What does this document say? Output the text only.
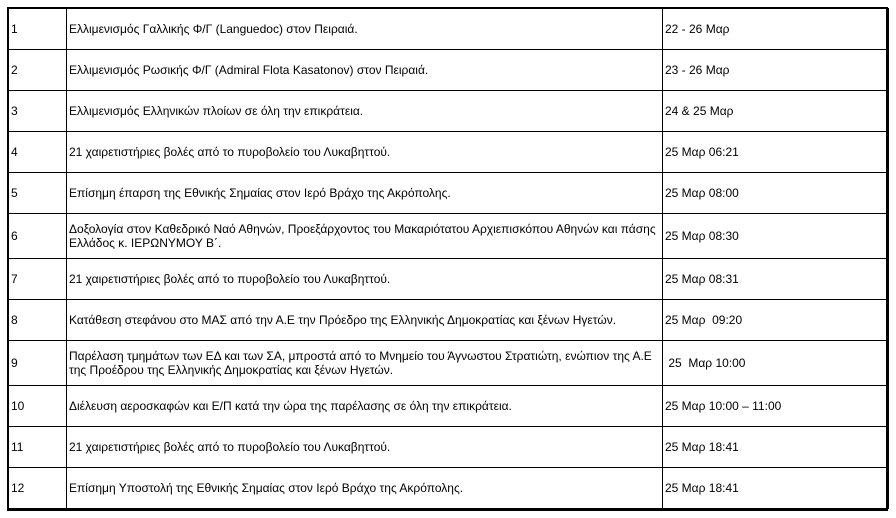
1	Ελλιμενισμός Γαλλικής Φ/Γ (Languedoc) στον Πειραιά.	22 - 26 Μαρ
2	Ελλιμενισμός Ρωσικής Φ/Γ (Admiral Flota Kasatonov) στον Πειραιά.	23 - 26 Μαρ
3	Ελλιμενισμός Ελληνικών πλοίων σε όλη την επικράτεια.	24 & 25 Μαρ
4	21 χαιρετιστήριες βολές από το πυροβολείο του Λυκαβηττού.	25 Μαρ 06:21
5	Επίσημη έπαρση της Εθνικής Σημαίας στον Ιερό Βράχο της Ακρόπολης.	25 Μαρ 08:00
6	Δοξολογία στον Καθεδρικό Ναό Αθηνών, Προεξάρχοντος του Μακαριότατου Αρχιεπισκόπου Αθηνών και πάσης Ελλάδος κ. ΙΕΡΩΝΥΜΟΥ Β΄.	25 Μαρ 08:30
7	21 χαιρετιστήριες βολές από το πυροβολείο του Λυκαβηττού.	25 Μαρ 08:31
8	Κατάθεση στεφάνου στο ΜΑΣ από την Α.Ε την Πρόεδρο της Ελληνικής Δημοκρατίας και ξένων Ηγετών.	25 Μαρ  09:20
9	Παρέλαση τμημάτων των ΕΔ και των ΣΑ, μπροστά από το Μνημείο του Άγνωστου Στρατιώτη, ενώπιον της Α.Ε της Προέδρου της Ελληνικής Δημοκρατίας και ξένων Ηγετών.	25  Μαρ 10:00
10	Διέλευση αεροσκαφών και Ε/Π κατά την ώρα της παρέλασης σε όλη την επικράτεια.	25 Μαρ 10:00 – 11:00
11	21 χαιρετιστήριες βολές από το πυροβολείο του Λυκαβηττού.	25 Μαρ 18:41
12	Επίσημη Υποστολή της Εθνικής Σημαίας στον Ιερό Βράχο της Ακρόπολης.	25 Μαρ 18:41
